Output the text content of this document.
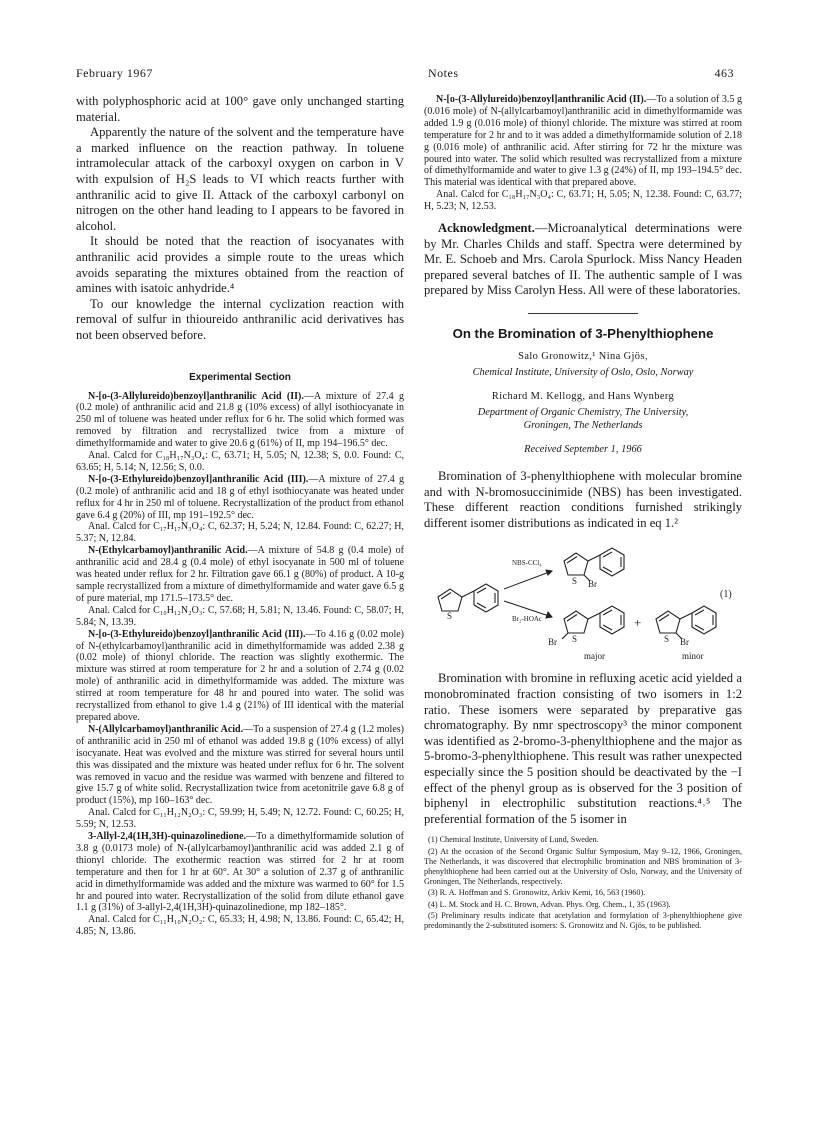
February 1967	Notes	463

with polyphosphoric acid at 100° gave only unchanged starting material.

Apparently the nature of the solvent and the temperature have a marked influence on the reaction pathway. In toluene intramolecular attack of the carboxyl oxygen on carbon in V with expulsion of H₂S leads to VI which reacts further with anthranilic acid to give II. Attack of the carboxyl carbonyl on nitrogen on the other hand leading to I appears to be favored in alcohol.

It should be noted that the reaction of isocyanates with anthranilic acid provides a simple route to the ureas which avoids separating the mixtures obtained from the reaction of amines with isatoic anhydride.⁴

To our knowledge the internal cyclization reaction with removal of sulfur in thioureido anthranilic acid derivatives has not been observed before.

Experimental Section

N-[o-(3-Allylureido)benzoyl]anthranilic Acid (II).—A mixture of 27.4 g (0.2 mole) of anthranilic acid and 21.8 g (10% excess) of allyl isothiocyanate in 250 ml of toluene was heated under reflux for 6 hr. The solid which formed was removed by filtration and recrystallized twice from a mixture of dimethylformamide and water to give 20.6 g (61%) of II, mp 194–196.5° dec.

Anal. Calcd for C₁₈H₁₇N₃O₄: C, 63.71; H, 5.05; N, 12.38; S, 0.0. Found: C, 63.65; H, 5.14; N, 12.56; S, 0.0.

N-[o-(3-Ethylureido)benzoyl]anthranilic Acid (III).—A mixture of 27.4 g (0.2 mole) of anthranilic acid and 18 g of ethyl isothiocyanate was heated under reflux for 4 hr in 250 ml of toluene. Recrystallization of the product from ethanol gave 6.4 g (20%) of III, mp 191–192.5° dec.

Anal. Calcd for C₁₇H₁₇N₃O₄: C, 62.37; H, 5.24; N, 12.84. Found: C, 62.27; H, 5.37; N, 12.84.

N-(Ethylcarbamoyl)anthranilic Acid.—A mixture of 54.8 g (0.4 mole) of anthranilic acid and 28.4 g (0.4 mole) of ethyl isocyanate in 500 ml of toluene was heated under reflux for 2 hr. Filtration gave 66.1 g (80%) of product. A 10-g sample recrystallized from a mixture of dimethylformamide and water gave 6.5 g of pure material, mp 171.5–173.5° dec.

Anal. Calcd for C₁₀H₁₂N₂O₃: C, 57.68; H, 5.81; N, 13.46. Found: C, 58.07; H, 5.84; N, 13.39.

N-[o-(3-Ethylureido)benzoyl]anthranilic Acid (III).—To 4.16 g (0.02 mole) of N-(ethylcarbamoyl)anthranilic acid in dimethylformamide was added 2.38 g (0.02 mole) of thionyl chloride. The reaction was slightly exothermic. The mixture was stirred at room temperature for 2 hr and a solution of 2.74 g (0.02 mole) of anthranilic acid in dimethylformamide was added. The mixture was stirred at room temperature for 48 hr and poured into water. The solid was recrystallized from ethanol to give 1.4 g (21%) of III identical with the material prepared above.

N-(Allylcarbamoyl)anthranilic Acid.—To a suspension of 27.4 g (1.2 moles) of anthranilic acid in 250 ml of ethanol was added 19.8 g (10% excess) of allyl isocyanate. Heat was evolved and the mixture was stirred for several hours until this was dissipated and the mixture was heated under reflux for 6 hr. The solvent was removed in vacuo and the residue was warmed with benzene and filtered to give 15.7 g of white solid. Recrystallization twice from acetonitrile gave 6.8 g of product (15%), mp 160–163° dec.

Anal. Calcd for C₁₁H₁₂N₂O₃: C, 59.99; H, 5.49; N, 12.72. Found: C, 60.25; H, 5.59; N, 12.53.

3-Allyl-2,4(1H,3H)-quinazolinedione.—To a dimethylformamide solution of 3.8 g (0.0173 mole) of N-(allylcarbamoyl)anthranilic acid was added 2.1 g of thionyl chloride. The exothermic reaction was stirred for 2 hr at room temperature and then for 1 hr at 60°. At 30° a solution of 2.37 g of anthranilic acid in dimethylformamide was added and the mixture was warmed to 60° for 1.5 hr and poured into water. Recrystallization of the solid from dilute ethanol gave 1.1 g (31%) of 3-allyl-2,4(1H,3H)-quinazolinedione, mp 182–185°.

Anal. Calcd for C₁₁H₁₀N₂O₂: C, 65.33; H, 4.98; N, 13.86. Found: C, 65.42; H, 4.85; N, 13.86.

N-[o-(3-Allylureido)benzoyl]anthranilic Acid (II).—To a solution of 3.5 g (0.016 mole) of N-(allylcarbamoyl)anthranilic acid in dimethylformamide was added 1.9 g (0.016 mole) of thionyl chloride. The mixture was stirred at room temperature for 2 hr and to it was added a dimethylformamide solution of 2.18 g (0.016 mole) of anthranilic acid. After stirring for 72 hr the mixture was poured into water. The solid which resulted was recrystallized from a mixture of dimethylformamide and water to give 1.3 g (24%) of II, mp 193–194.5° dec. This material was identical with that prepared above.

Anal. Calcd for C₁₈H₁₇N₃O₄: C, 63.71; H, 5.05; N, 12.38. Found: C, 63.77; H, 5.23; N, 12.53.

Acknowledgment.—Microanalytical determinations were by Mr. Charles Childs and staff. Spectra were determined by Mr. E. Schoeb and Mrs. Carola Spurlock. Miss Nancy Headen prepared several batches of II. The authentic sample of I was prepared by Miss Carolyn Hess. All were of these laboratories.

On the Bromination of 3-Phenylthiophene
Salo Gronowitz,¹ Nina Gjös,
Chemical Institute, University of Oslo, Oslo, Norway
Richard M. Kellogg, and Hans Wynberg
Department of Organic Chemistry, The University,
Groningen, The Netherlands
Received September 1, 1966

Bromination of 3-phenylthiophene with molecular bromine and with N-bromosuccinimide (NBS) has been investigated. These different reaction conditions furnished strikingly different isomer distributions as indicated in eq 1.²

S
NBS-CCl₄
Br₂-HOAc
S Br
(1)
S
Br
+
S Br
major	minor

Bromination with bromine in refluxing acetic acid yielded a monobrominated fraction consisting of two isomers in 1:2 ratio. These isomers were separated by preparative gas chromatography. By nmr spectroscopy³ the minor component was identified as 2-bromo-3-phenylthiophene and the major as 5-bromo-3-phenylthiophene. This result was rather unexpected especially since the 5 position should be deactivated by the −I effect of the phenyl group as is observed for the 3 position of biphenyl in electrophilic substitution reactions.⁴˒⁵ The preferential formation of the 5 isomer in

(1) Chemical Institute, University of Lund, Sweden.

(2) At the occasion of the Second Organic Sulfur Symposium, May 9–12, 1966, Groningen, The Netherlands, it was discovered that electrophilic bromination and NBS bromination of 3-phenylthiophene had been carried out at the University of Oslo, Norway, and the University of Groningen, The Netherlands, respectively.

(3) R. A. Hoffman and S. Gronowitz, Arkiv Kemi, 16, 563 (1960).

(4) L. M. Stock and H. C. Brown, Advan. Phys. Org. Chem., 1, 35 (1963).

(5) Preliminary results indicate that acetylation and formylation of 3-phenylthiophene give predominantly the 2-substituted isomers: S. Gronowitz and N. Gjös, to be published.
